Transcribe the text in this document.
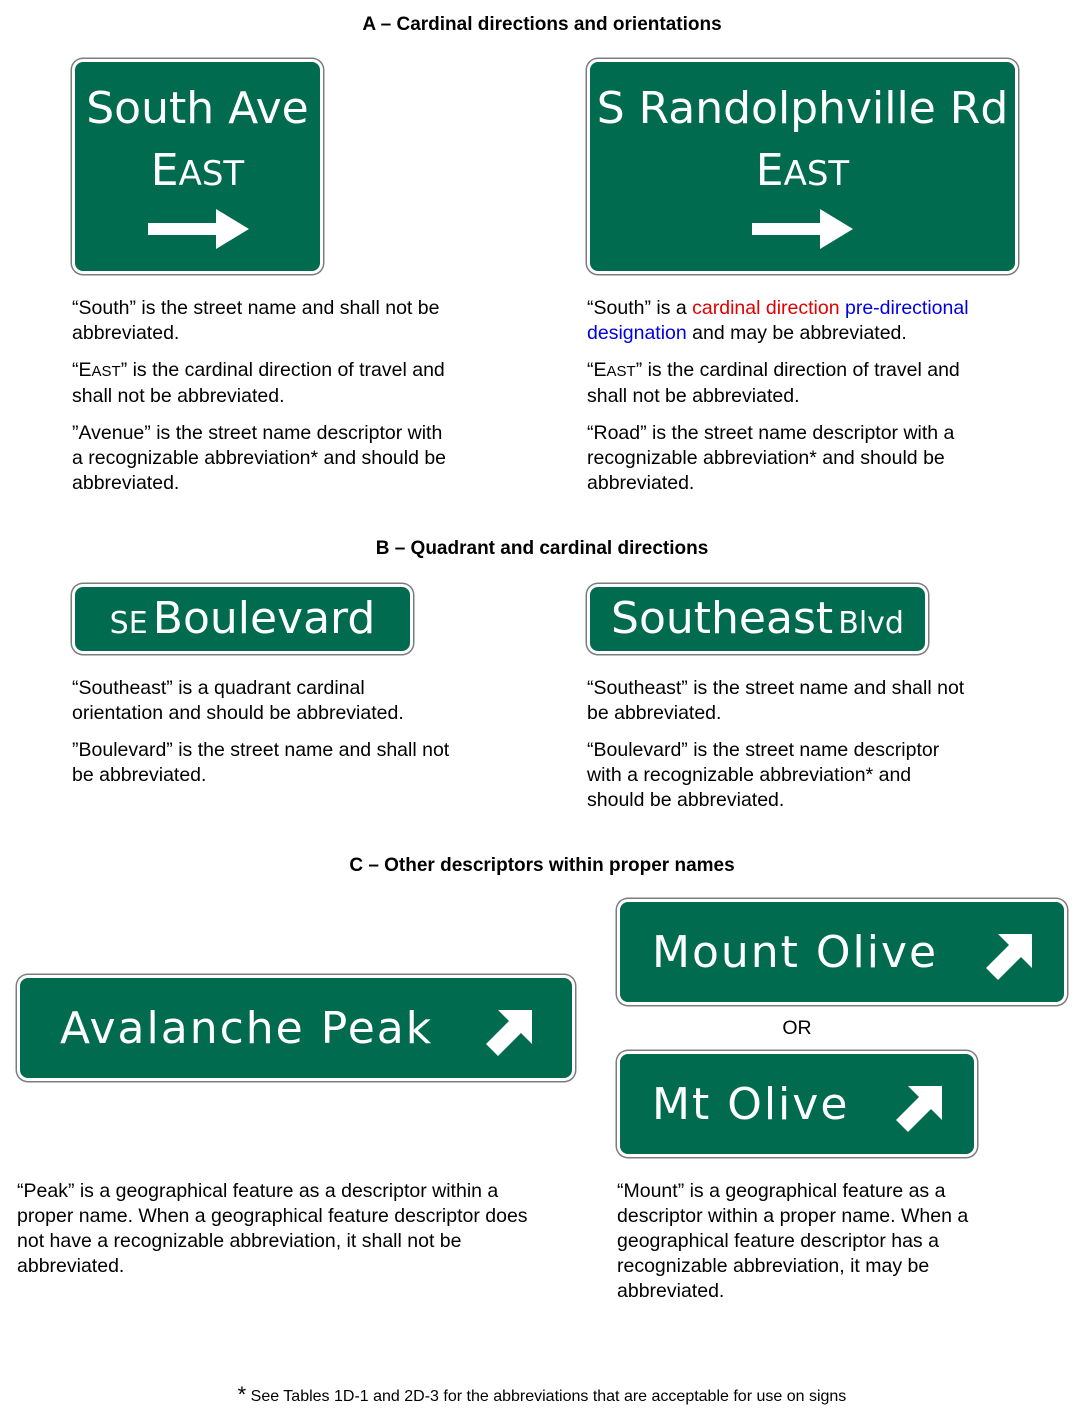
A – Cardinal directions and orientations
South Ave
EAST
S Randolphville Rd
EAST

“South” is the street name and shall not be abbreviated.

“EAST” is the cardinal direction of travel and shall not be abbreviated.

”Avenue” is the street name descriptor with a recognizable abbreviation* and should be abbreviated.

“South” is a cardinal direction pre-directional designation and may be abbreviated.

“EAST” is the cardinal direction of travel and shall not be abbreviated.

“Road” is the street name descriptor with a recognizable abbreviation* and should be abbreviated.

B – Quadrant and cardinal directions
SE Boulevard	Southeast Blvd

“Southeast” is a quadrant cardinal orientation and should be abbreviated.

”Boulevard” is the street name and shall not be abbreviated.

“Southeast” is the street name and shall not be abbreviated.

“Boulevard” is the street name descriptor with a recognizable abbreviation* and should be abbreviated.

C – Other descriptors within proper names
Avalanche Peak
Mount Olive
OR
Mt Olive
“Peak” is a geographical feature as a descriptor within a proper name. When a geographical feature descriptor does not have a recognizable abbreviation, it shall not be abbreviated.
“Mount” is a geographical feature as a descriptor within a proper name. When a geographical feature descriptor has a recognizable abbreviation, it may be abbreviated.
* See Tables 1D-1 and 2D-3 for the abbreviations that are acceptable for use on signs
